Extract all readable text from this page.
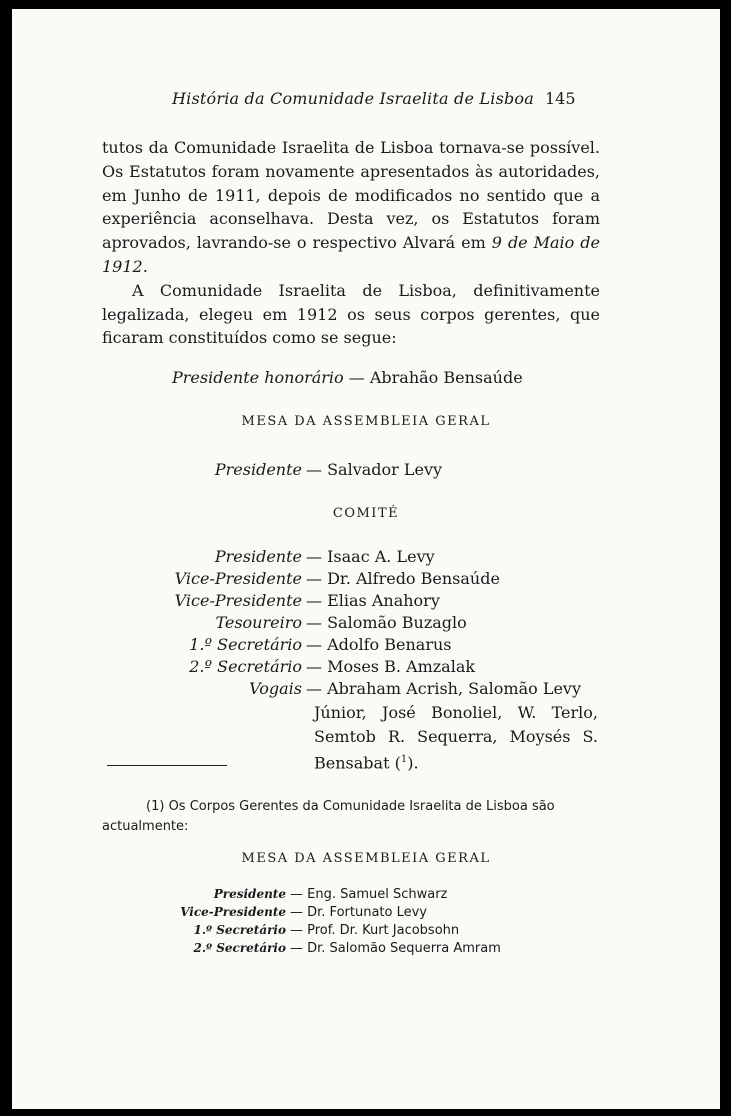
História da Comunidade Israelita de Lisboa 145

tutos da Comunidade Israelita de Lisboa tornava-se possível. Os Estatutos foram novamente apresentados às autoridades, em Junho de 1911, depois de modificados no sentido que a experiência aconselhava. Desta vez, os Estatutos foram aprovados, lavrando-se o respectivo Alvará em 9 de Maio de 1912.

A Comunidade Israelita de Lisboa, definitivamente legalizada, elegeu em 1912 os seus corpos gerentes, que ficaram constituídos como se segue:

Presidente honorário — Abrahão Bensaúde
MESA DA ASSEMBLEIA GERAL
Presidente — Salvador Levy
COMITÉ
Presidente — Isaac A. Levy
Vice-Presidente — Dr. Alfredo Bensaúde
Vice-Presidente — Elias Anahory
Tesoureiro — Salomão Buzaglo
1.º Secretário — Adolfo Benarus
2.º Secretário — Moses B. Amzalak
Vogais — Abraham Acrish, Salomão Levy
Júnior, José Bonoliel, W. Terlo, Semtob R. Sequerra, Moysés S. Bensabat ($^1$).
(1) Os Corpos Gerentes da Comunidade Israelita de Lisboa são actualmente:
MESA DA ASSEMBLEIA GERAL
Presidente — Eng. Samuel Schwarz
Vice-Presidente — Dr. Fortunato Levy
1.º Secretário — Prof. Dr. Kurt Jacobsohn
2.º Secretário — Dr. Salomão Sequerra Amram
